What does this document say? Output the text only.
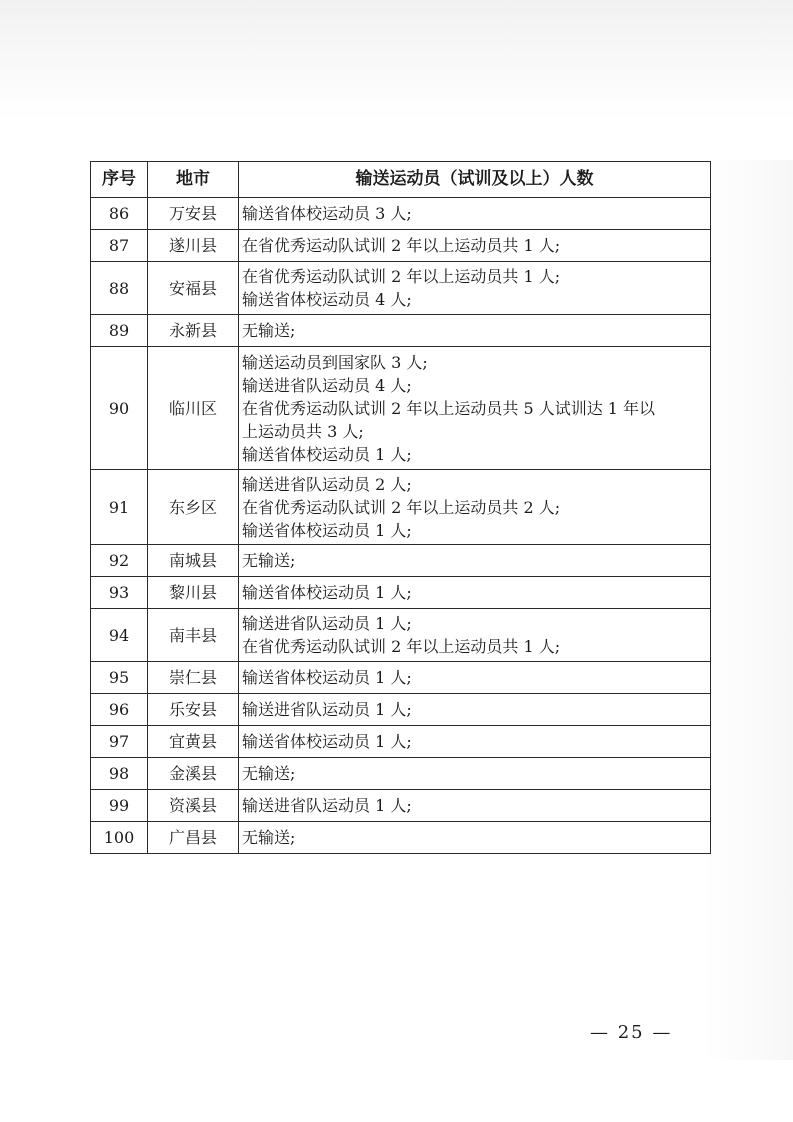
序号	地市	输送运动员（试训及以上）人数
86	万安县	输送省体校运动员 3 人;

87	遂川县	在省优秀运动队试训 2 年以上运动员共 1 人;

88	安福县	在省优秀运动队试训 2 年以上运动员共 1 人;
输送省体校运动员 4 人;

89	永新县	无输送;

90	临川区	输送运动员到国家队 3 人;
输送进省队运动员 4 人;
在省优秀运动队试训 2 年以上运动员共 5 人试训达 1 年以
上运动员共 3 人;
输送省体校运动员 1 人;

91	东乡区	输送进省队运动员 2 人;
在省优秀运动队试训 2 年以上运动员共 2 人;
输送省体校运动员 1 人;

92	南城县	无输送;

93	黎川县	输送省体校运动员 1 人;

94	南丰县	输送进省队运动员 1 人;
在省优秀运动队试训 2 年以上运动员共 1 人;

95	崇仁县	输送省体校运动员 1 人;

96	乐安县	输送进省队运动员 1 人;

97	宜黄县	输送省体校运动员 1 人;

98	金溪县	无输送;

99	资溪县	输送进省队运动员 1 人;

100	广昌县	无输送;
— 25 —
